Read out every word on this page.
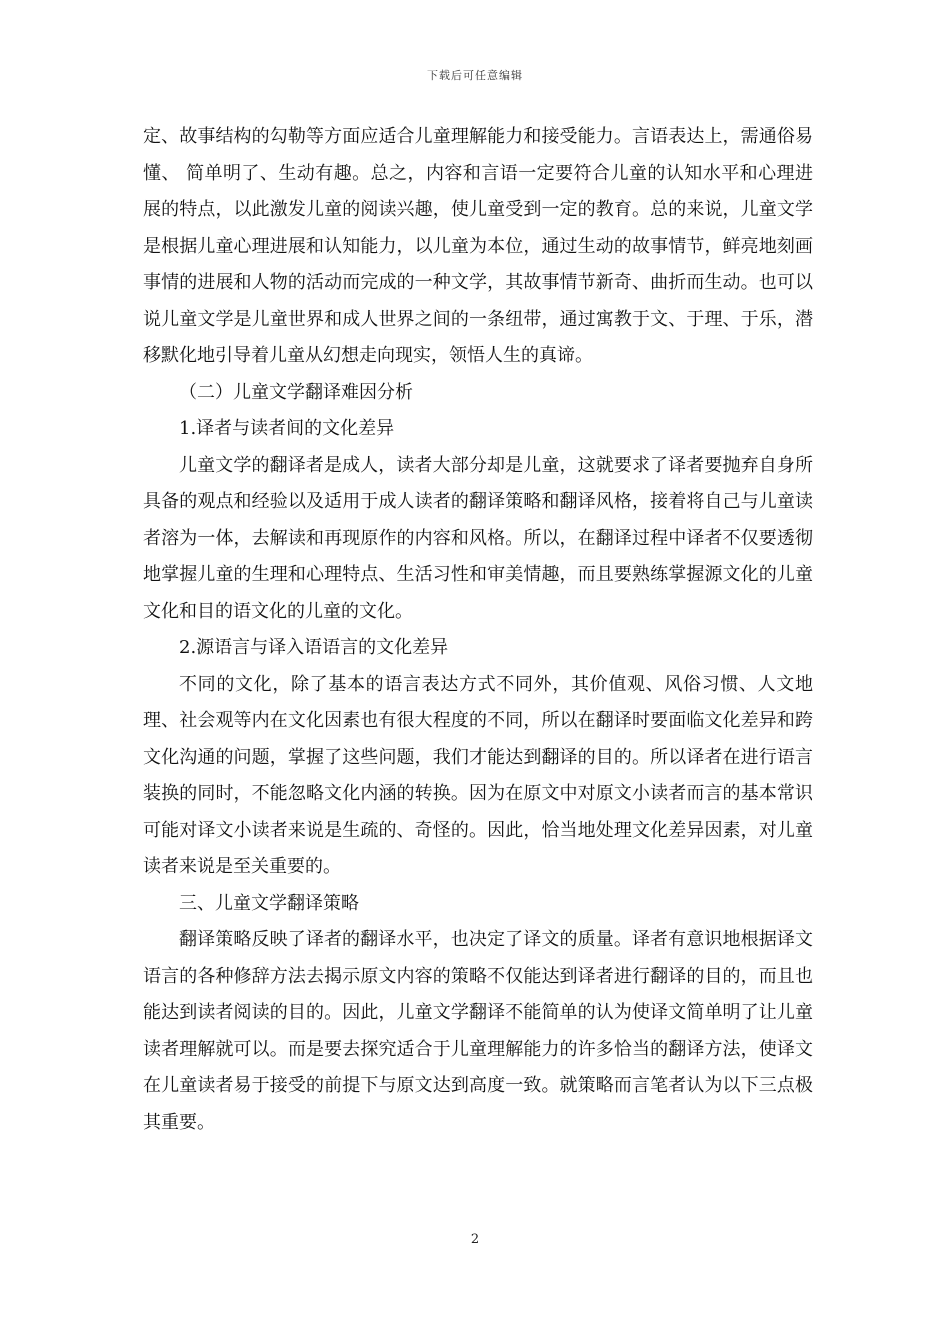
下载后可任意编辑

定、故事结构的勾勒等方面应适合儿童理解能力和接受能力。言语表达上，需通俗易懂、 简单明了、生动有趣。总之，内容和言语一定要符合儿童的认知水平和心理进展的特点，以此激发儿童的阅读兴趣，使儿童受到一定的教育。总的来说，儿童文学是根据儿童心理进展和认知能力，以儿童为本位，通过生动的故事情节，鲜亮地刻画事情的进展和人物的活动而完成的一种文学，其故事情节新奇、曲折而生动。也可以说儿童文学是儿童世界和成人世界之间的一条纽带，通过寓教于文、于理、于乐，潜移默化地引导着儿童从幻想走向现实，领悟人生的真谛。

（二）儿童文学翻译难因分析

1.译者与读者间的文化差异

儿童文学的翻译者是成人，读者大部分却是儿童，这就要求了译者要抛弃自身所具备的观点和经验以及适用于成人读者的翻译策略和翻译风格，接着将自己与儿童读者溶为一体，去解读和再现原作的内容和风格。所以，在翻译过程中译者不仅要透彻地掌握儿童的生理和心理特点、生活习性和审美情趣，而且要熟练掌握源文化的儿童文化和目的语文化的儿童的文化。

2.源语言与译入语语言的文化差异

不同的文化，除了基本的语言表达方式不同外，其价值观、风俗习惯、人文地理、社会观等内在文化因素也有很大程度的不同，所以在翻译时要面临文化差异和跨文化沟通的问题，掌握了这些问题，我们才能达到翻译的目的。所以译者在进行语言装换的同时，不能忽略文化内涵的转换。因为在原文中对原文小读者而言的基本常识可能对译文小读者来说是生疏的、奇怪的。因此，恰当地处理文化差异因素，对儿童读者来说是至关重要的。

三、儿童文学翻译策略

翻译策略反映了译者的翻译水平，也决定了译文的质量。译者有意识地根据译文语言的各种修辞方法去揭示原文内容的策略不仅能达到译者进行翻译的目的，而且也能达到读者阅读的目的。因此，儿童文学翻译不能简单的认为使译文简单明了让儿童读者理解就可以。而是要去探究适合于儿童理解能力的许多恰当的翻译方法，使译文在儿童读者易于接受的前提下与原文达到高度一致。就策略而言笔者认为以下三点极其重要。

2
